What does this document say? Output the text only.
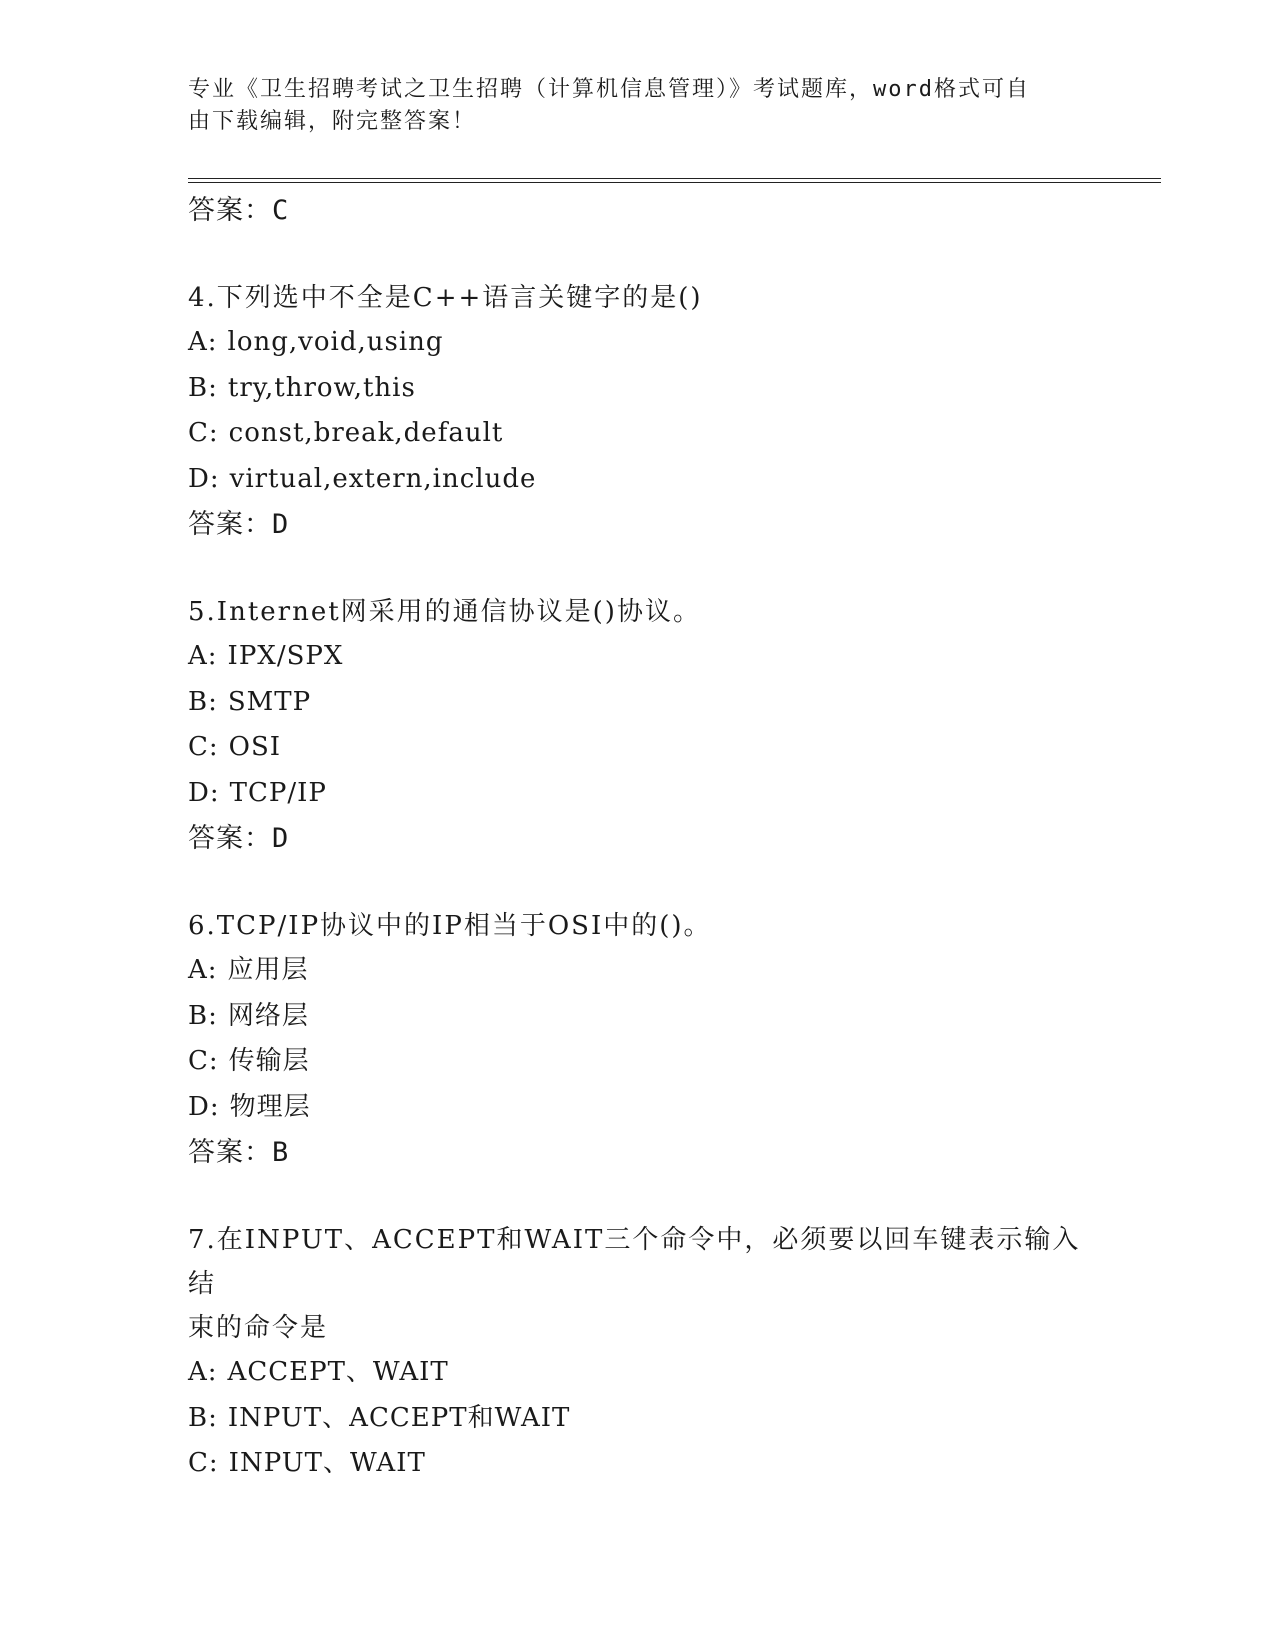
专业《卫生招聘考试之卫生招聘（计算机信息管理）》考试题库，word格式可自
由下载编辑，附完整答案！
答案：C
4.下列选中不全是C++语言关键字的是()
A: long,void,using
B: try,throw,this
C: const,break,default
D: virtual,extern,include
答案：D
5.Internet网采用的通信协议是()协议。
A: IPX/SPX
B: SMTP
C: OSI
D: TCP/IP
答案：D
6.TCP/IP协议中的IP相当于OSI中的()。
A: 应用层
B: 网络层
C: 传输层
D: 物理层
答案：B
7.在INPUT、ACCEPT和WAIT三个命令中，必须要以回车键表示输入结
束的命令是
A: ACCEPT、WAIT
B: INPUT、ACCEPT和WAIT
C: INPUT、WAIT
